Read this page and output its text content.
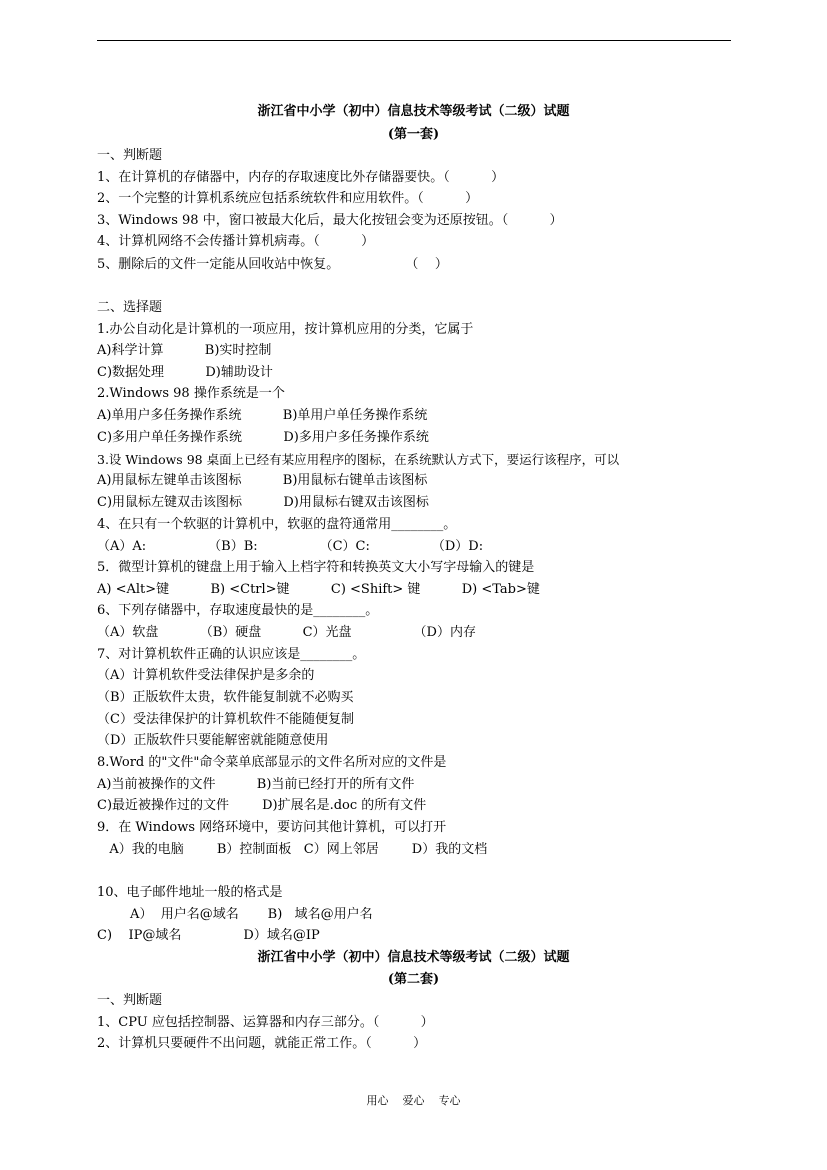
浙江省中小学（初中）信息技术等级考试（二级）试题
(第一套)
一、判断题
1、在计算机的存储器中，内存的存取速度比外存储器要快。（          ）
2、一个完整的计算机系统应包括系统软件和应用软件。（          ）
3、Windows 98 中，窗口被最大化后，最大化按钮会变为还原按钮。（          ）
4、计算机网络不会传播计算机病毒。（          ）
5、删除后的文件一定能从回收站中恢复。                （    ）
二、选择题
1.办公自动化是计算机的一项应用，按计算机应用的分类，它属于
A)科学计算          B)实时控制
C)数据处理          D)辅助设计
2.Windows 98 操作系统是一个
A)单用户多任务操作系统          B)单用户单任务操作系统
C)多用户单任务操作系统          D)多用户多任务操作系统
3.设 Windows 98 桌面上已经有某应用程序的图标，在系统默认方式下，要运行该程序，可以
A)用鼠标左键单击该图标          B)用鼠标右键单击该图标
C)用鼠标左键双击该图标          D)用鼠标右键双击该图标
4、在只有一个软驱的计算机中，软驱的盘符通常用________。
（A）A:               （B）B:               （C）C:               （D）D:
5．微型计算机的键盘上用于输入上档字符和转换英文大小写字母输入的键是
A) <Alt>键          B) <Ctrl>键          C) <Shift> 键          D) <Tab>键
6、下列存储器中，存取速度最快的是________。
（A）软盘          （B）硬盘          C）光盘               （D）内存
7、对计算机软件正确的认识应该是________。
（A）计算机软件受法律保护是多余的
（B）正版软件太贵，软件能复制就不必购买
（C）受法律保护的计算机软件不能随便复制
（D）正版软件只要能解密就能随意使用
8.Word 的"文件"命令菜单底部显示的文件名所对应的文件是
A)当前被操作的文件          B)当前已经打开的所有文件
C)最近被操作过的文件        D)扩展名是.doc 的所有文件
9．在 Windows 网络环境中，要访问其他计算机，可以打开
A）我的电脑        B）控制面板   C）网上邻居        D）我的文档
10、电子邮件地址一般的格式是
A）  用户名@域名       B)   域名@用户名
C)    IP@域名               D）域名@IP
浙江省中小学（初中）信息技术等级考试（二级）试题
(第二套)
一、判断题
1、CPU 应包括控制器、运算器和内存三部分。（          ）
2、计算机只要硬件不出问题，就能正常工作。（          ）
用心    爱心    专心
